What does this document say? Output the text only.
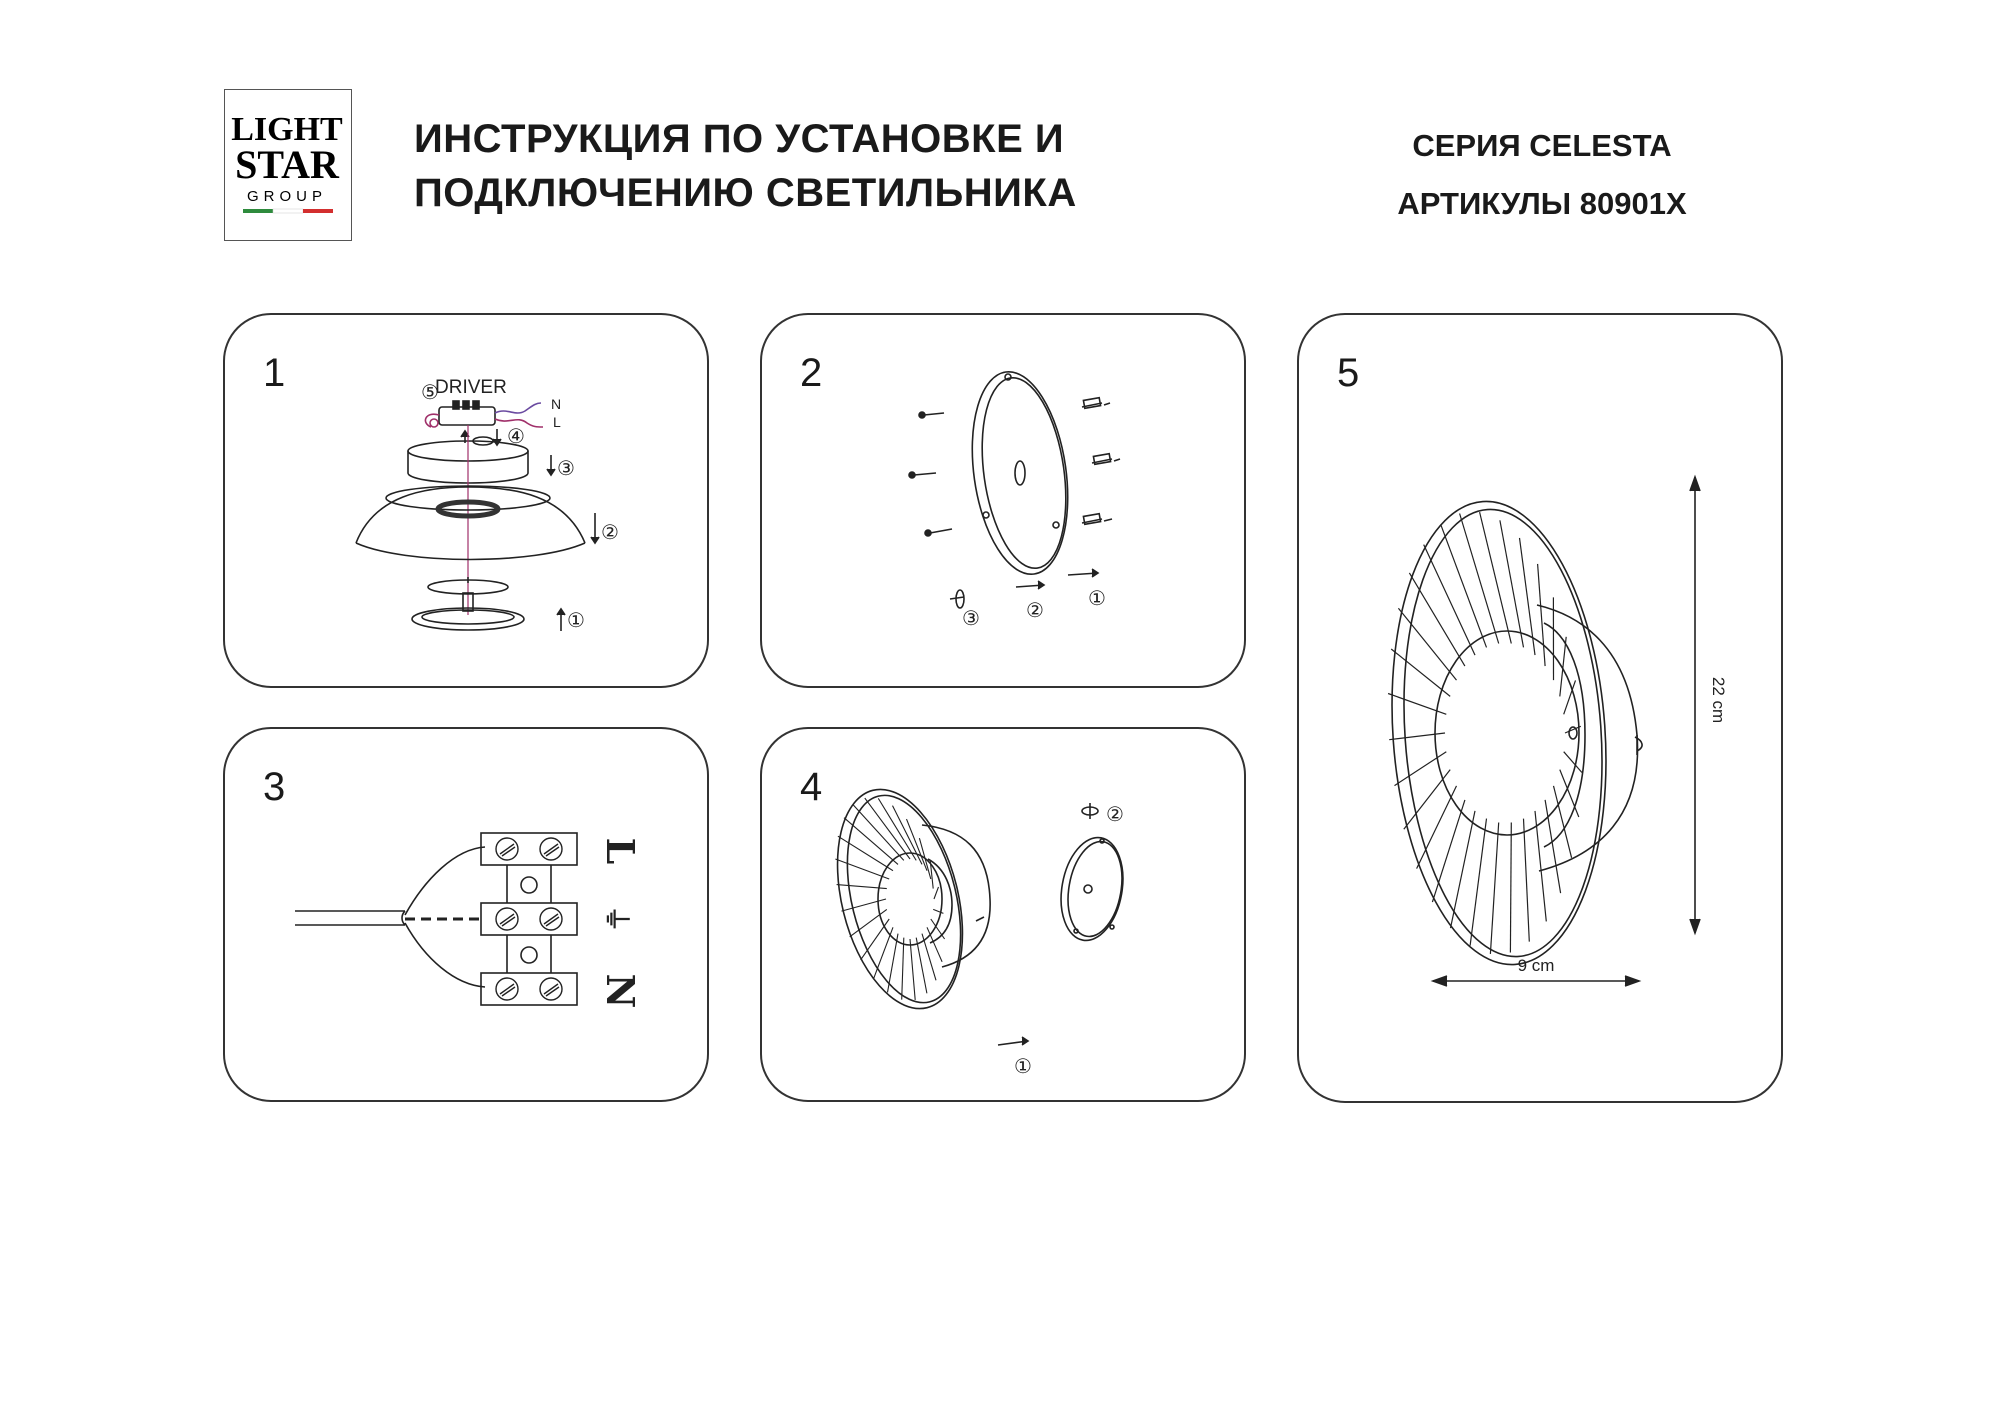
LIGHT
STAR
GROUP
ИНСТРУКЦИЯ ПО УСТАНОВКЕ И
ПОДКЛЮЧЕНИЮ СВЕТИЛЬНИКА
СЕРИЯ CELESTA
АРТИКУЛЫ 80901X
1	DRIVER
⑤	N
L
④
③
②
①
2
③ ② ①
5
22 cm
9 cm
3
L
⏚
N
4
②
①
